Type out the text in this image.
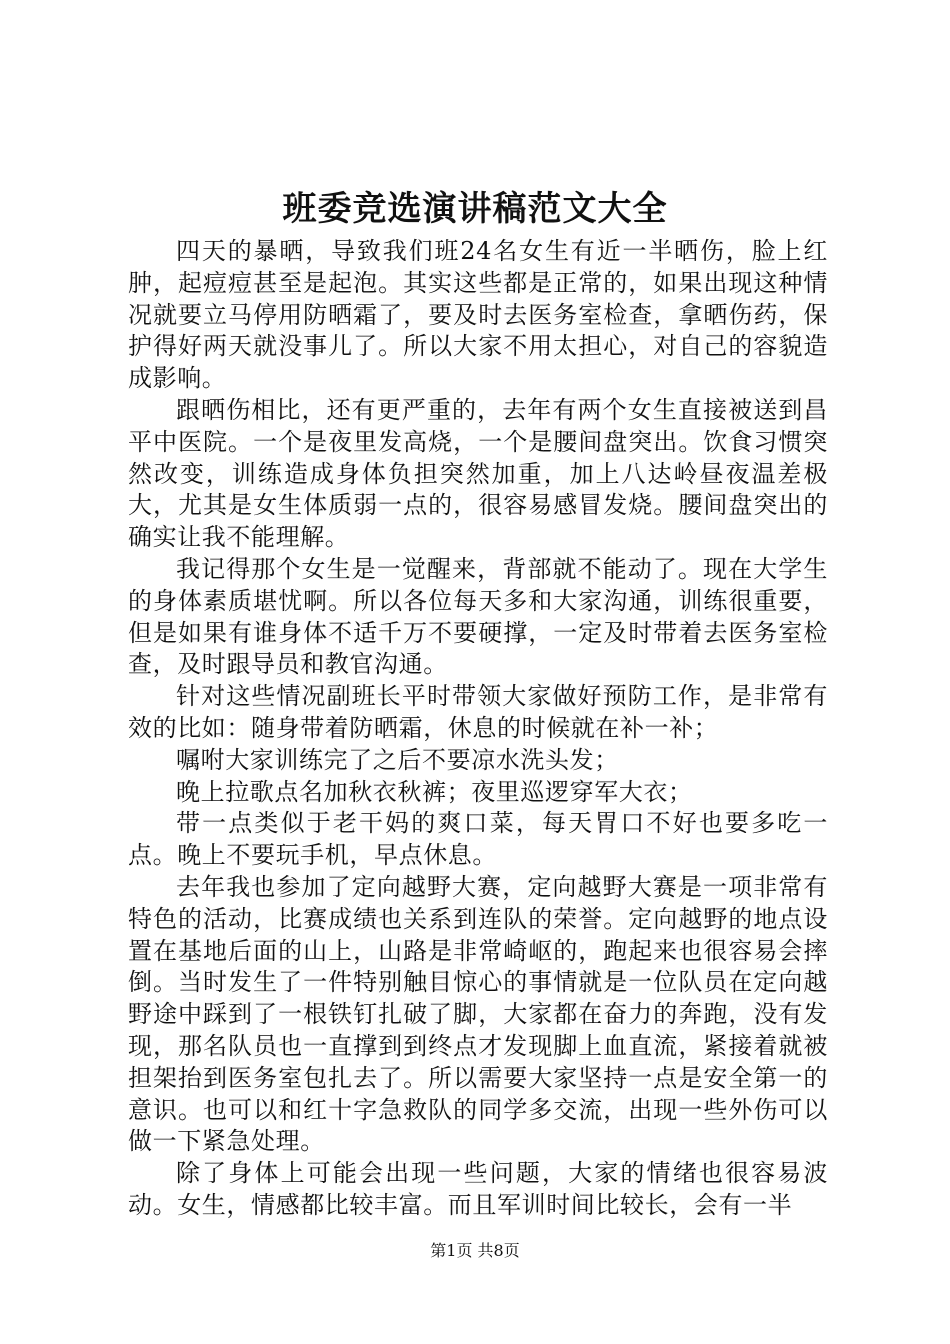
班委竞选演讲稿范文大全

四天的暴晒，导致我们班24名女生有近一半晒伤，脸上红肿，起痘痘甚至是起泡。其实这些都是正常的，如果出现这种情况就要立马停用防晒霜了，要及时去医务室检查，拿晒伤药，保护得好两天就没事儿了。所以大家不用太担心，对自己的容貌造成影响。

跟晒伤相比，还有更严重的，去年有两个女生直接被送到昌平中医院。一个是夜里发高烧，一个是腰间盘突出。饮食习惯突然改变，训练造成身体负担突然加重，加上八达岭昼夜温差极大，尤其是女生体质弱一点的，很容易感冒发烧。腰间盘突出的确实让我不能理解。

我记得那个女生是一觉醒来，背部就不能动了。现在大学生的身体素质堪忧啊。所以各位每天多和大家沟通，训练很重要，但是如果有谁身体不适千万不要硬撑，一定及时带着去医务室检查，及时跟导员和教官沟通。

针对这些情况副班长平时带领大家做好预防工作，是非常有效的比如：随身带着防晒霜，休息的时候就在补一补；

嘱咐大家训练完了之后不要凉水洗头发；

晚上拉歌点名加秋衣秋裤；夜里巡逻穿军大衣；

带一点类似于老干妈的爽口菜，每天胃口不好也要多吃一点。晚上不要玩手机，早点休息。

去年我也参加了定向越野大赛，定向越野大赛是一项非常有特色的活动，比赛成绩也关系到连队的荣誉。定向越野的地点设置在基地后面的山上，山路是非常崎岖的，跑起来也很容易会摔倒。当时发生了一件特别触目惊心的事情就是一位队员在定向越野途中踩到了一根铁钉扎破了脚，大家都在奋力的奔跑，没有发现，那名队员也一直撑到到终点才发现脚上血直流，紧接着就被担架抬到医务室包扎去了。所以需要大家坚持一点是安全第一的意识。也可以和红十字急救队的同学多交流，出现一些外伤可以做一下紧急处理。

除了身体上可能会出现一些问题，大家的情绪也很容易波动。女生，情感都比较丰富。而且军训时间比较长，会有一半

第1页 共8页
